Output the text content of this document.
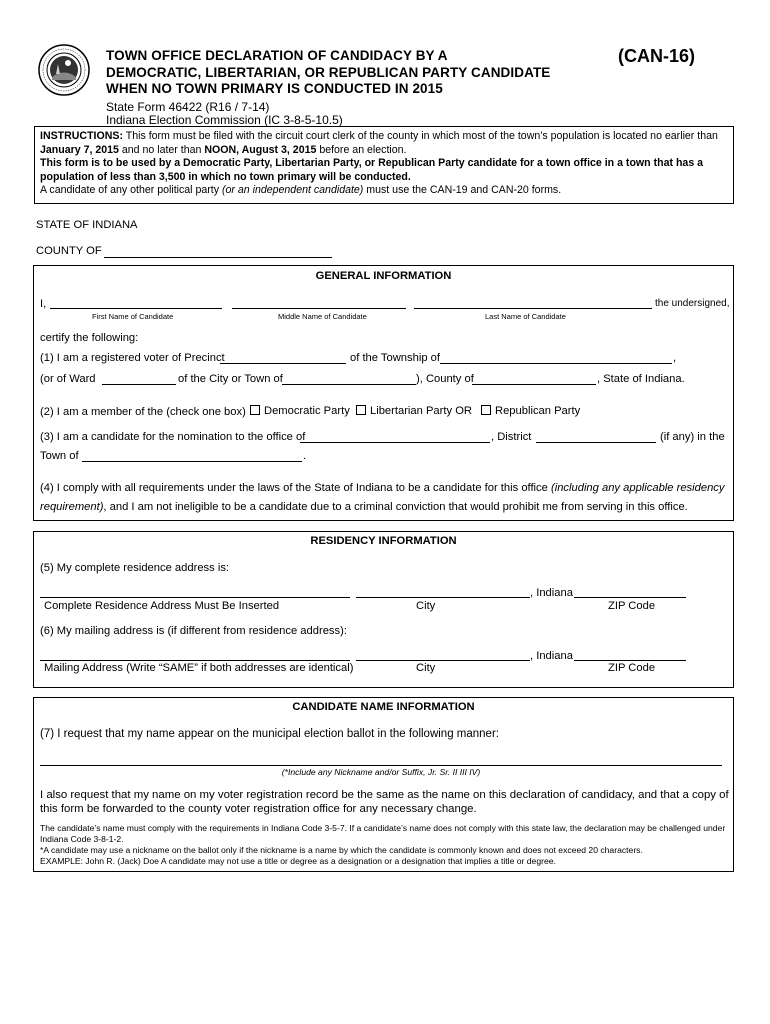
TOWN OFFICE DECLARATION OF CANDIDACY BY A
DEMOCRATIC, LIBERTARIAN, OR REPUBLICAN PARTY CANDIDATE
WHEN NO TOWN PRIMARY IS CONDUCTED IN 2015
(CAN-16)
State Form 46422 (R16 / 7-14)
Indiana Election Commission (IC 3-8-5-10.5)
INSTRUCTIONS: This form must be filed with the circuit court clerk of the county in which most of the town’s population is located no earlier than January 7, 2015 and no later than NOON, August 3, 2015 before an election.
This form is to be used by a Democratic Party, Libertarian Party, or Republican Party candidate for a town office in a town that has a population of less than 3,500 in which no town primary will be conducted.
A candidate of any other political party (or an independent candidate) must use the CAN-19 and CAN-20 forms.
STATE OF INDIANA
COUNTY OF
GENERAL INFORMATION
I,	the undersigned,
First Name of Candidate	Middle Name of Candidate	Last Name of Candidate
certify the following:
(1) I am a registered voter of Precinct	of the Township of	,
(or of Ward	of the City or Town of	), County of	, State of Indiana.
(2) I am a member of the (check one box)	Democratic Party	Libertarian Party OR	Republican Party
(3) I am a candidate for the nomination to the office of	, District	(if any) in the
Town of	.
(4) I comply with all requirements under the laws of the State of Indiana to be a candidate for this office (including any applicable residency requirement), and I am not ineligible to be a candidate due to a criminal conviction that would prohibit me from serving in this office.
RESIDENCY INFORMATION
(5) My complete residence address is:
, Indiana
Complete Residence Address Must Be Inserted	City	ZIP Code
(6) My mailing address is (if different from residence address):
, Indiana
Mailing Address (Write “SAME” if both addresses are identical)	City	ZIP Code
CANDIDATE NAME INFORMATION
(7) I request that my name appear on the municipal election ballot in the following manner:
(*Include any Nickname and/or Suffix, Jr. Sr. II III IV)
I also request that my name on my voter registration record be the same as the name on this declaration of candidacy, and that a copy of this form be forwarded to the county voter registration office for any necessary change.
The candidate’s name must comply with the requirements in Indiana Code 3-5-7. If a candidate’s name does not comply with this state law, the declaration may be challenged under Indiana Code 3-8-1-2.
*A candidate may use a nickname on the ballot only if the nickname is a name by which the candidate is commonly known and does not exceed 20 characters.
EXAMPLE: John R. (Jack) Doe A candidate may not use a title or degree as a designation or a designation that implies a title or degree.
